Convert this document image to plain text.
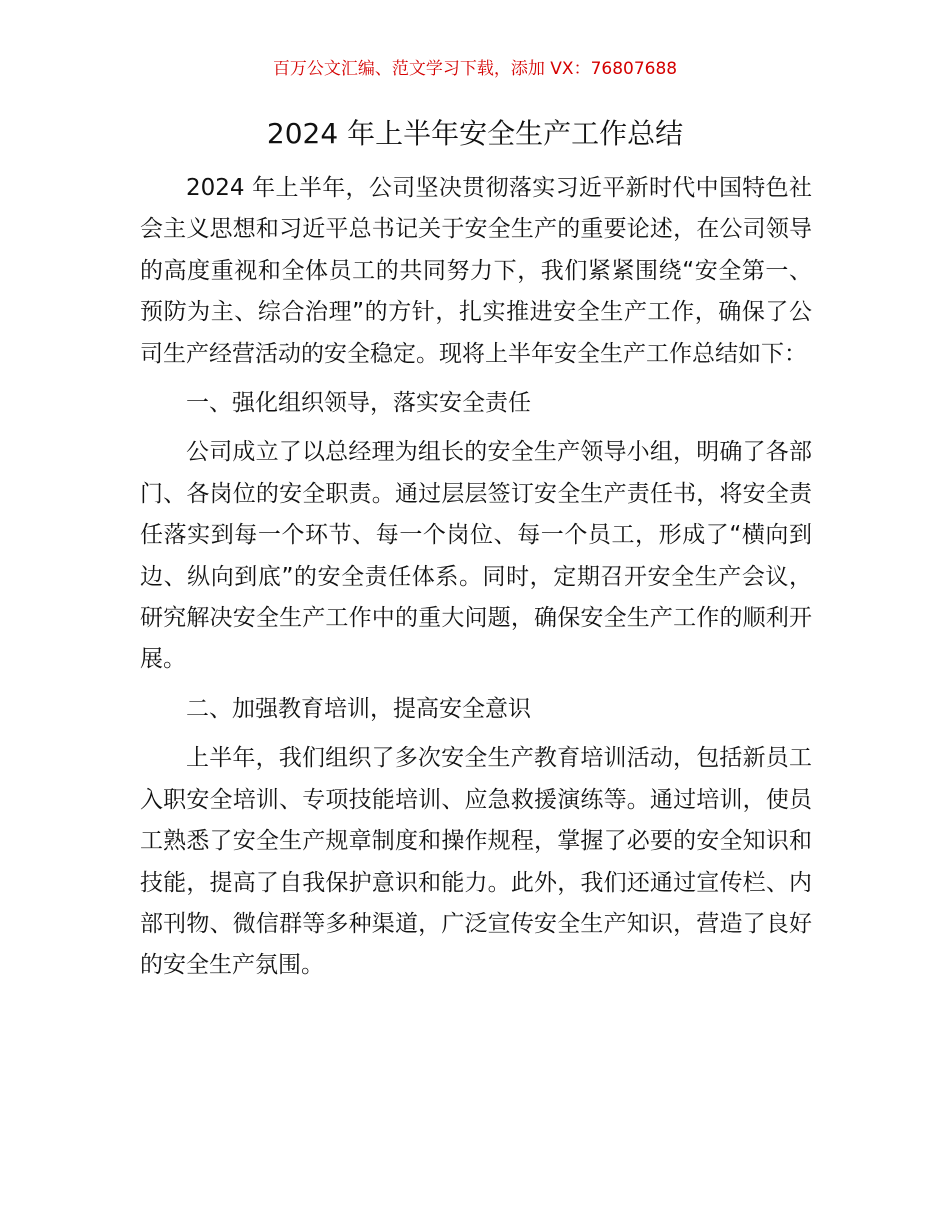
百万公文汇编、范文学习下载，添加 VX：76807688
2024 年上半年安全生产工作总结

2024 年上半年，公司坚决贯彻落实习近平新时代中国特色社会主义思想和习近平总书记关于安全生产的重要论述，在公司领导的高度重视和全体员工的共同努力下，我们紧紧围绕“安全第一、预防为主、综合治理”的方针，扎实推进安全生产工作，确保了公司生产经营活动的安全稳定。现将上半年安全生产工作总结如下：

一、强化组织领导，落实安全责任

公司成立了以总经理为组长的安全生产领导小组，明确了各部门、各岗位的安全职责。通过层层签订安全生产责任书，将安全责任落实到每一个环节、每一个岗位、每一个员工，形成了“横向到边、纵向到底”的安全责任体系。同时，定期召开安全生产会议，研究解决安全生产工作中的重大问题，确保安全生产工作的顺利开展。

二、加强教育培训，提高安全意识

上半年，我们组织了多次安全生产教育培训活动，包括新员工入职安全培训、专项技能培训、应急救援演练等。通过培训，使员工熟悉了安全生产规章制度和操作规程，掌握了必要的安全知识和技能，提高了自我保护意识和能力。此外，我们还通过宣传栏、内部刊物、微信群等多种渠道，广泛宣传安全生产知识，营造了良好的安全生产氛围。
